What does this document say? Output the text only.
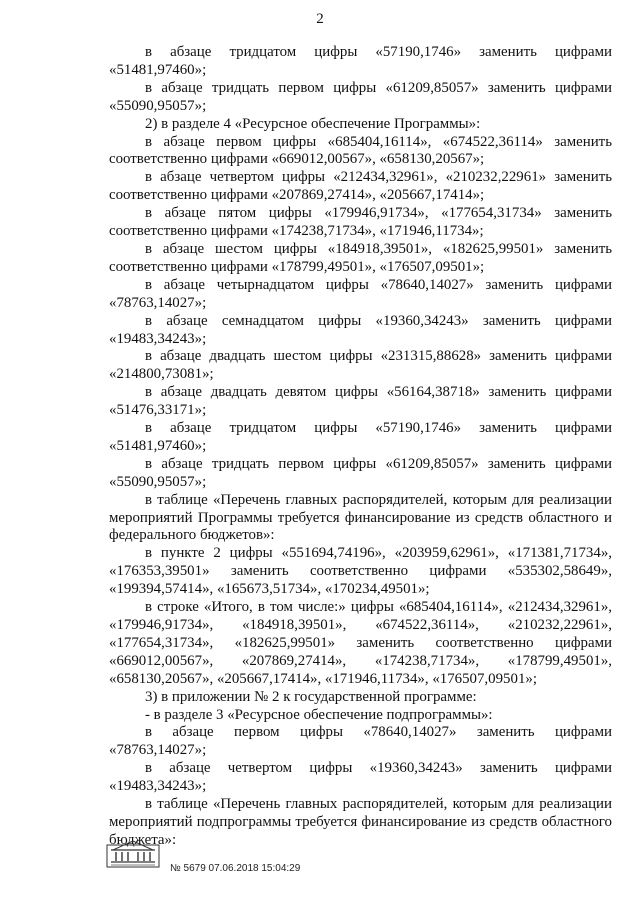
2

в абзаце тридцатом цифры «57190,1746» заменить цифрами «51481,97460»;

в абзаце тридцать первом цифры «61209,85057» заменить цифрами «55090,95057»;

2) в разделе 4 «Ресурсное обеспечение Программы»:

в абзаце первом цифры «685404,16114», «674522,36114» заменить соответственно цифрами «669012,00567», «658130,20567»;

в абзаце четвертом цифры «212434,32961», «210232,22961» заменить соответственно цифрами «207869,27414», «205667,17414»;

в абзаце пятом цифры «179946,91734», «177654,31734» заменить соответственно цифрами «174238,71734», «171946,11734»;

в абзаце шестом цифры «184918,39501», «182625,99501» заменить соответственно цифрами «178799,49501», «176507,09501»;

в абзаце четырнадцатом цифры «78640,14027» заменить цифрами «78763,14027»;

в абзаце семнадцатом цифры «19360,34243» заменить цифрами «19483,34243»;

в абзаце двадцать шестом цифры «231315,88628» заменить цифрами «214800,73081»;

в абзаце двадцать девятом цифры «56164,38718» заменить цифрами «51476,33171»;

в абзаце тридцатом цифры «57190,1746» заменить цифрами «51481,97460»;

в абзаце тридцать первом цифры «61209,85057» заменить цифрами «55090,95057»;

в таблице «Перечень главных распорядителей, которым для реализации мероприятий Программы требуется финансирование из средств областного и федерального бюджетов»:

в пункте 2 цифры «551694,74196», «203959,62961», «171381,71734», «176353,39501» заменить соответственно цифрами «535302,58649», «199394,57414», «165673,51734», «170234,49501»;

в строке «Итого, в том числе:» цифры «685404,16114», «212434,32961», «179946,91734», «184918,39501», «674522,36114», «210232,22961», «177654,31734», «182625,99501» заменить соответственно цифрами «669012,00567», «207869,27414», «174238,71734», «178799,49501», «658130,20567», «205667,17414», «171946,11734», «176507,09501»;

3) в приложении № 2 к государственной программе:

- в разделе 3 «Ресурсное обеспечение подпрограммы»:

в абзаце первом цифры «78640,14027» заменить цифрами «78763,14027»;

в абзаце четвертом цифры «19360,34243» заменить цифрами «19483,34243»;

в таблице «Перечень главных распорядителей, которым для реализации мероприятий подпрограммы требуется финансирование из средств областного бюджета»:

№ 5679 07.06.2018 15:04:29
